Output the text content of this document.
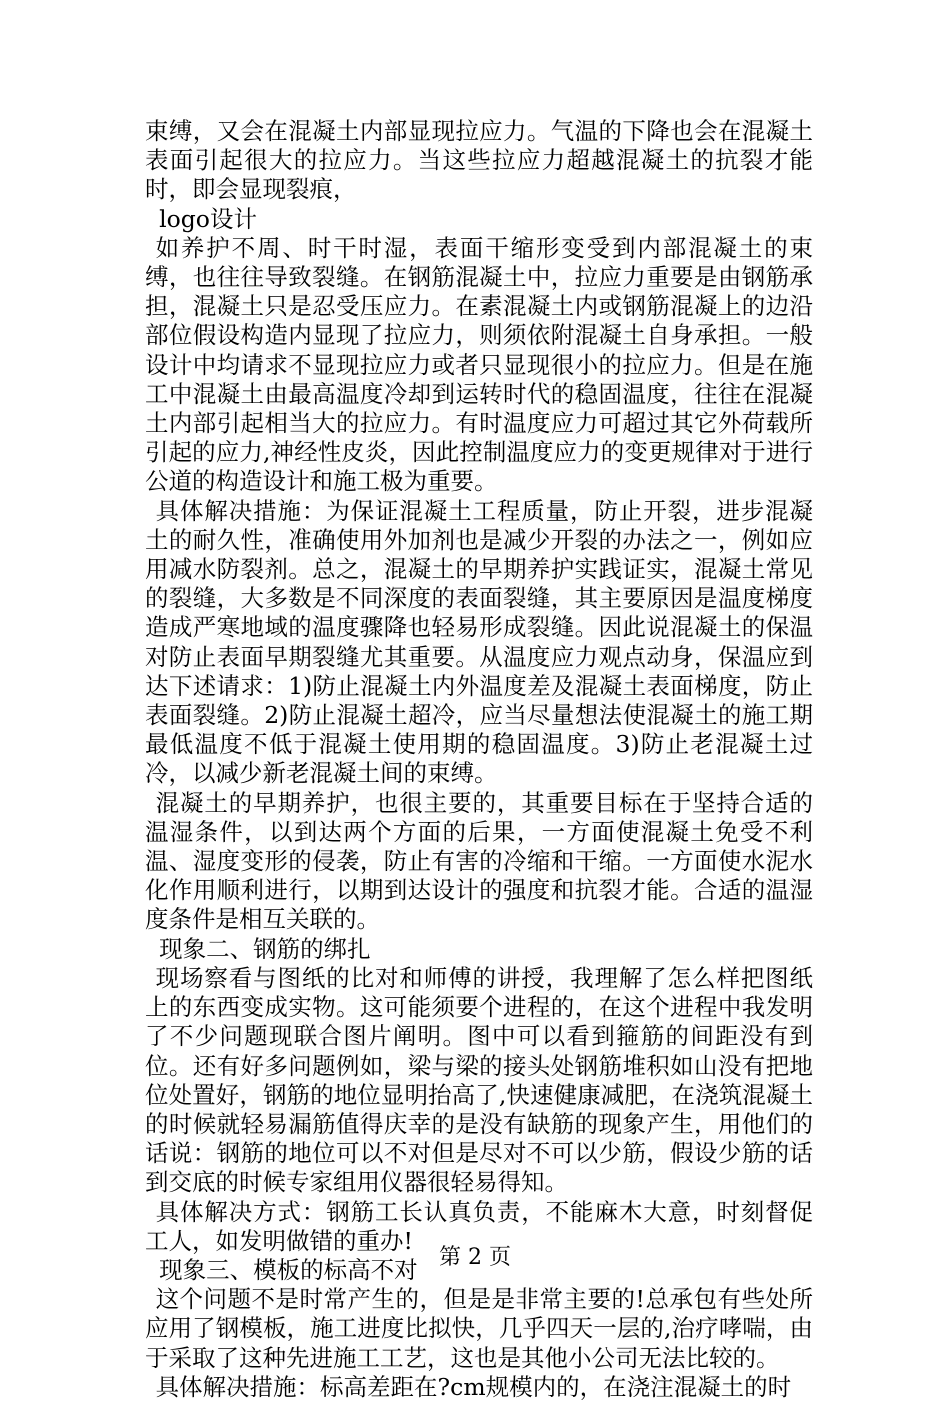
束缚，又会在混凝土内部显现拉应力。气温的下降也会在混凝土表面引起很大的拉应力。当这些拉应力超越混凝土的抗裂才能时，即会显现裂痕，

logo设计

如养护不周、时干时湿，表面干缩形变受到内部混凝土的束缚，也往往导致裂缝。在钢筋混凝土中，拉应力重要是由钢筋承担，混凝土只是忍受压应力。在素混凝土内或钢筋混凝上的边沿部位假设构造内显现了拉应力，则须依附混凝土自身承担。一般设计中均请求不显现拉应力或者只显现很小的拉应力。但是在施工中混凝土由最高温度冷却到运转时代的稳固温度，往往在混凝土内部引起相当大的拉应力。有时温度应力可超过其它外荷载所引起的应力,神经性皮炎，因此控制温度应力的变更规律对于进行公道的构造设计和施工极为重要。

具体解决措施：为保证混凝土工程质量，防止开裂，进步混凝土的耐久性，准确使用外加剂也是减少开裂的办法之一，例如应用减水防裂剂。总之，混凝土的早期养护实践证实，混凝土常见的裂缝，大多数是不同深度的表面裂缝，其主要原因是温度梯度造成严寒地域的温度骤降也轻易形成裂缝。因此说混凝土的保温对防止表面早期裂缝尤其重要。从温度应力观点动身，保温应到达下述请求：1)防止混凝土内外温度差及混凝土表面梯度，防止表面裂缝。2)防止混凝土超冷，应当尽量想法使混凝土的施工期最低温度不低于混凝土使用期的稳固温度。3)防止老混凝土过冷，以减少新老混凝土间的束缚。

混凝土的早期养护，也很主要的，其重要目标在于坚持合适的温湿条件，以到达两个方面的后果，一方面使混凝土免受不利温、湿度变形的侵袭，防止有害的冷缩和干缩。一方面使水泥水化作用顺利进行，以期到达设计的强度和抗裂才能。合适的温湿度条件是相互关联的。

现象二、钢筋的绑扎

现场察看与图纸的比对和师傅的讲授，我理解了怎么样把图纸上的东西变成实物。这可能须要个进程的，在这个进程中我发明了不少问题现联合图片阐明。图中可以看到箍筋的间距没有到位。还有好多问题例如，梁与梁的接头处钢筋堆积如山没有把地位处置好，钢筋的地位显明抬高了,快速健康减肥，在浇筑混凝土的时候就轻易漏筋值得庆幸的是没有缺筋的现象产生，用他们的话说：钢筋的地位可以不对但是尽对不可以少筋，假设少筋的话到交底的时候专家组用仪器很轻易得知。

具体解决方式：钢筋工长认真负责，不能麻木大意，时刻督促工人，如发明做错的重办!

现象三、模板的标高不对

这个问题不是时常产生的，但是是非常主要的!总承包有些处所应用了钢模板，施工进度比拟快，几乎四天一层的,治疗哮喘，由于采取了这种先进施工工艺，这也是其他小公司无法比较的。

具体解决措施：标高差距在?cm规模内的，在浇注混凝土的时

第 2 页
